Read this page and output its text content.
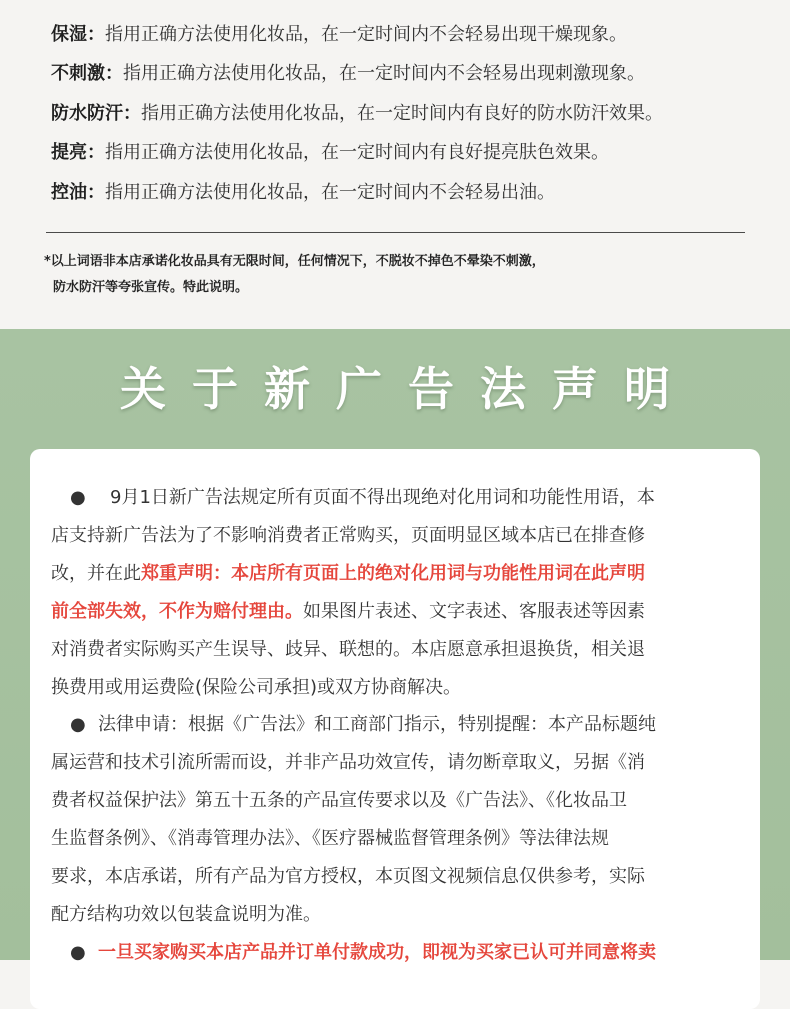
保湿：指用正确方法使用化妆品，在一定时间内不会轻易出现干燥现象。
不刺激：指用正确方法使用化妆品，在一定时间内不会轻易出现刺激现象。
防水防汗：指用正确方法使用化妆品，在一定时间内有良好的防水防汗效果。
提亮：指用正确方法使用化妆品，在一定时间内有良好提亮肤色效果。
控油：指用正确方法使用化妆品，在一定时间内不会轻易出油。
*以上词语非本店承诺化妆品具有无限时间，任何情况下，不脱妆不掉色不晕染不刺激，
防水防汗等夸张宣传。特此说明。
关于新广告法声明
● 9月1日新广告法规定所有页面不得出现绝对化用词和功能性用语，本
店支持新广告法为了不影响消费者正常购买，页面明显区域本店已在排查修
改，并在此郑重声明：本店所有页面上的绝对化用词与功能性用词在此声明
前全部失效，不作为赔付理由。如果图片表述、文字表述、客服表述等因素
对消费者实际购买产生误导、歧异、联想的。本店愿意承担退换货，相关退
换费用或用运费险(保险公司承担)或双方协商解决。
● 法律申请：根据《广告法》和工商部门指示，特别提醒：本产品标题纯
属运营和技术引流所需而设，并非产品功效宣传，请勿断章取义，另据《消
费者权益保护法》第五十五条的产品宣传要求以及《广告法》、《化妆品卫
生监督条例》、《消毒管理办法》、《医疗器械监督管理条例》等法律法规
要求，本店承诺，所有产品为官方授权，本页图文视频信息仅供参考，实际
配方结构功效以包装盒说明为准。
● 一旦买家购买本店产品并订单付款成功，即视为买家已认可并同意将卖
